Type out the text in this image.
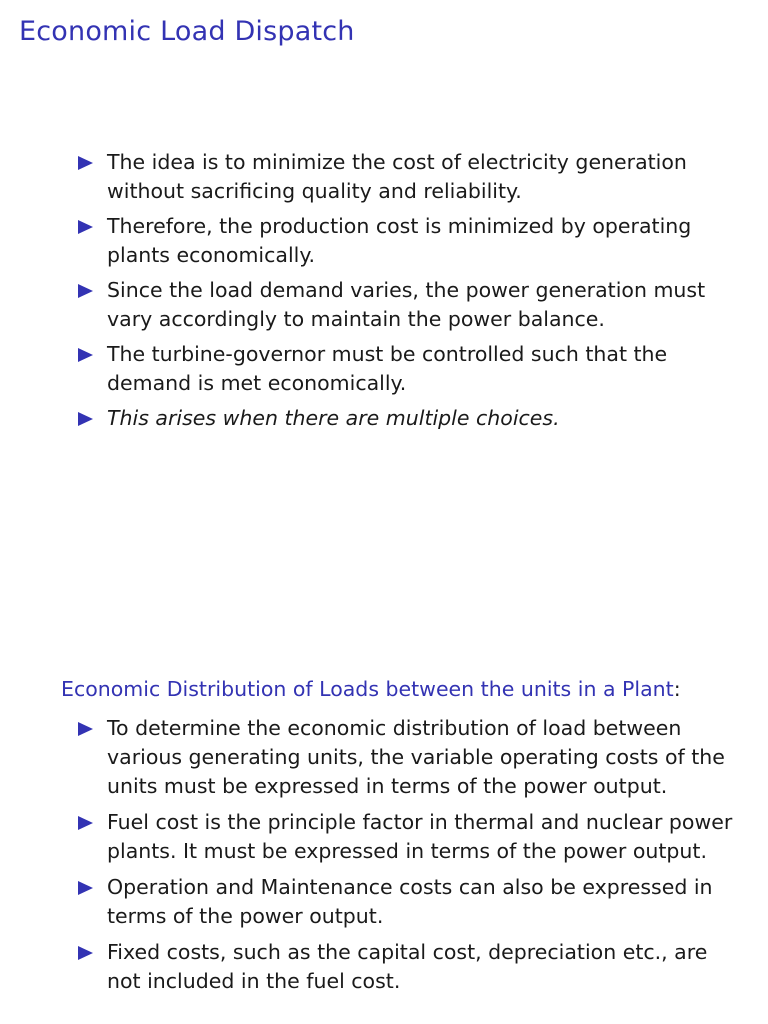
Economic Load Dispatch
The idea is to minimize the cost of electricity generation without sacrificing quality and reliability.
Therefore, the production cost is minimized by operating plants economically.
Since the load demand varies, the power generation must vary accordingly to maintain the power balance.
The turbine-governor must be controlled such that the demand is met economically.
This arises when there are multiple choices.
Economic Distribution of Loads between the units in a Plant:
To determine the economic distribution of load between various generating units, the variable operating costs of the units must be expressed in terms of the power output.
Fuel cost is the principle factor in thermal and nuclear power plants. It must be expressed in terms of the power output.
Operation and Maintenance costs can also be expressed in terms of the power output.
Fixed costs, such as the capital cost, depreciation etc., are not included in the fuel cost.
